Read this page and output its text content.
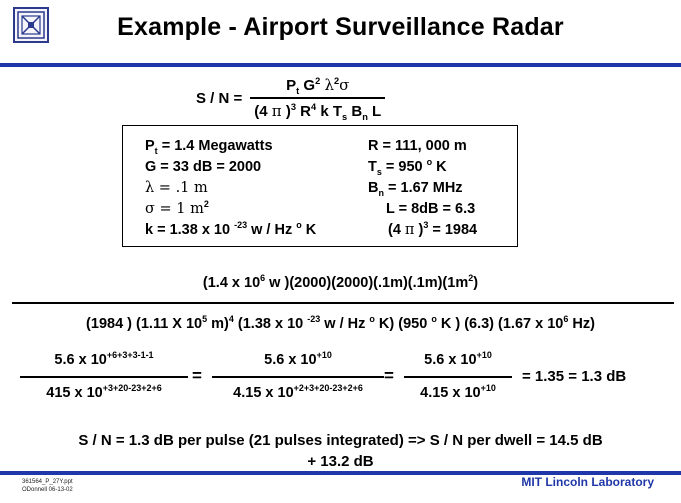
Example - Airport Surveillance Radar
$S / N = \frac{P_t G^2 \lambda^2\sigma}{(4 \pi )^3 R^4 k T_s B_n L}$
$P_t = 1.4$ Megawatts
G = 33 dB = 2000
λ = .1 m
σ = 1 $m^2$
k = 1.38 x 10 $^{-23}$ w / Hz $^o$ K
R = 111, 000 m
$T_s = 950$ $^o$ K
$B_n = 1.67$ MHz
L = 8dB = 6.3
(4 π )$^3$ = 1984
(1.4 x $10^6$ w )$(2000)(2000)(.1m)(.1m)(1m^2)$
(1984 ) (1.11 X $10^5$ m)$^4$ (1.38 x 10 $^{-23}$ w / Hz $^o$ K) (950 $^o$ K ) (6.3) (1.67 x $10^6$ Hz)
5.6 x $10^{+6+3+3-1-1}$
415 x $10^{+3+20-23+2+6}$
=
5.6 x $10^{+10}$
4.15 x $10^{+2+3+20-23+2+6}$
=
5.6 x $10^{+10}$
4.15 x $10^{+10}$
= 1.35 = 1.3 dB
S / N = 1.3 dB per pulse (21 pulses integrated) => S / N per dwell = 14.5 dB
+ 13.2 dB
361564_P_27Y.ppt
ODonnell 06-13-02
MIT Lincoln Laboratory
